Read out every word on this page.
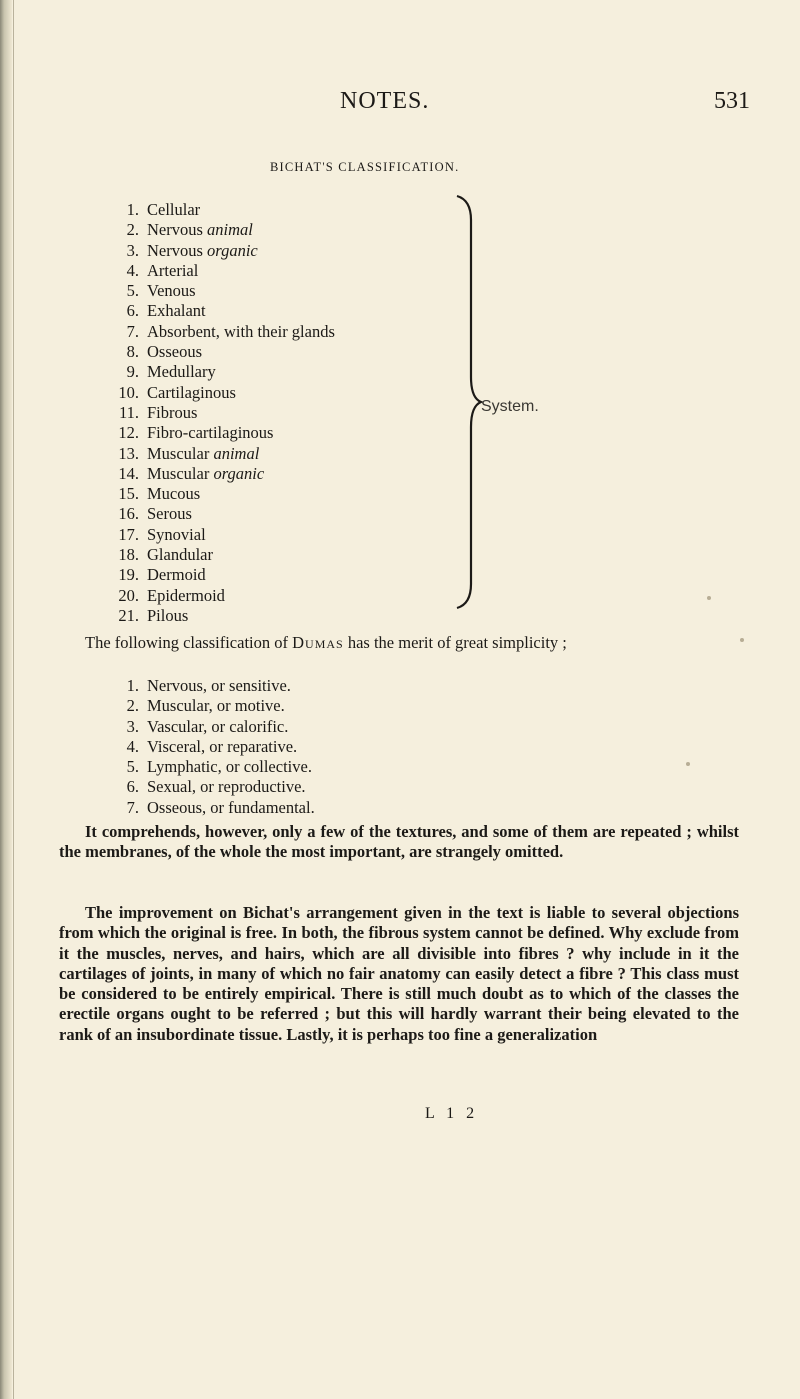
NOTES.	531
BICHAT'S CLASSIFICATION.
1. Cellular
2. Nervous animal
3. Nervous organic
4. Arterial
5. Venous
6. Exhalant
7. Absorbent, with their glands
8. Osseous
9. Medullary
10. Cartilaginous
11. Fibrous
12. Fibro-cartilaginous
13. Muscular animal
14. Muscular organic
15. Mucous
16. Serous
17. Synovial
18. Glandular
19. Dermoid
20. Epidermoid
21. Pilous
System.

The following classification of Dumas has the merit of great simplicity ;

1. Nervous, or sensitive.
2. Muscular, or motive.
3. Vascular, or calorific.
4. Visceral, or reparative.
5. Lymphatic, or collective.
6. Sexual, or reproductive.
7. Osseous, or fundamental.

It comprehends, however, only a few of the textures, and some of them are repeated ; whilst the membranes, of the whole the most important, are strangely omitted.

The improvement on Bichat's arrangement given in the text is liable to several objections from which the original is free. In both, the fibrous system cannot be defined. Why exclude from it the muscles, nerves, and hairs, which are all divisible into fibres ? why include in it the cartilages of joints, in many of which no fair anatomy can easily detect a fibre ? This class must be considered to be entirely empirical. There is still much doubt as to which of the classes the erectile organs ought to be referred ; but this will hardly warrant their being elevated to the rank of an insubordinate tissue. Lastly, it is perhaps too fine a generalization

L 1 2
